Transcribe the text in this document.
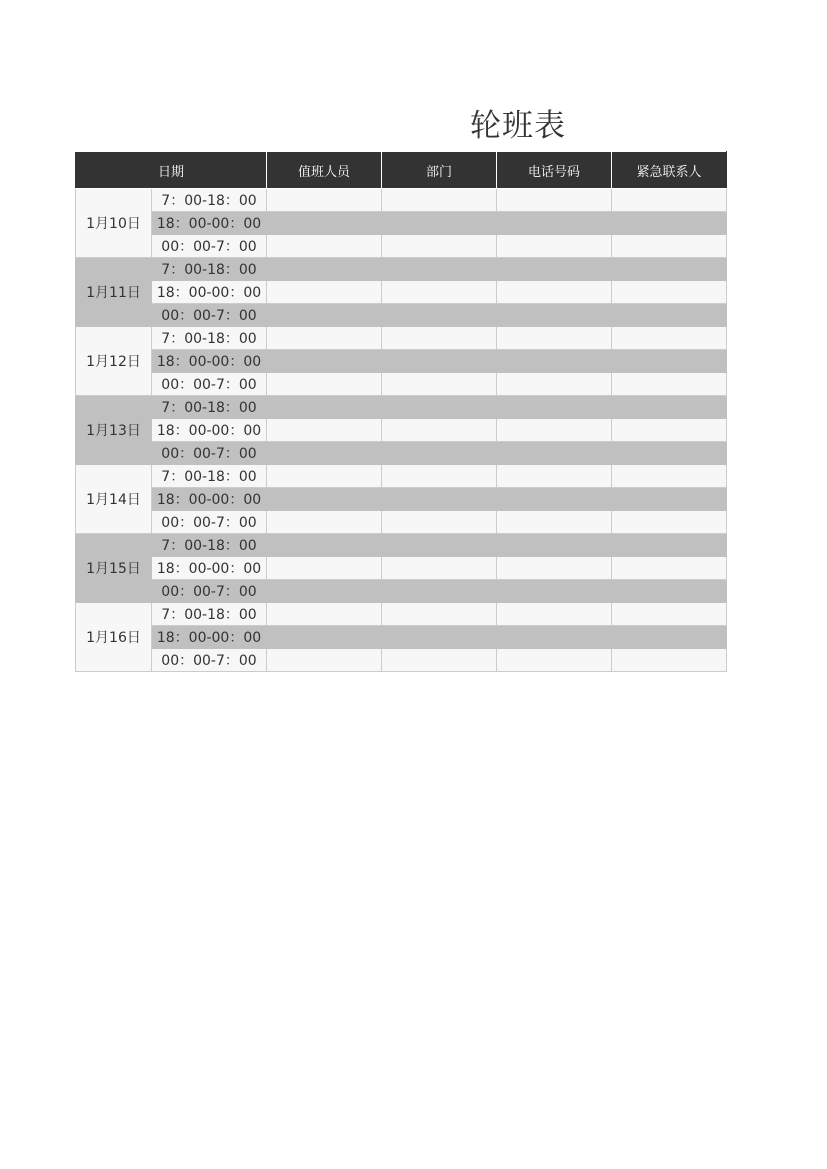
轮班表
日期		值班人员	部门	电话号码	紧急联系人
1月10日	7：00-18：00				
	18：00-00：00				
	00：00-7：00				
1月11日	7：00-18：00				
	18：00-00：00				
	00：00-7：00				
1月12日	7：00-18：00				
	18：00-00：00				
	00：00-7：00				
1月13日	7：00-18：00				
	18：00-00：00				
	00：00-7：00				
1月14日	7：00-18：00				
	18：00-00：00				
	00：00-7：00				
1月15日	7：00-18：00				
	18：00-00：00				
	00：00-7：00				
1月16日	7：00-18：00				
	18：00-00：00				
	00：00-7：00				
